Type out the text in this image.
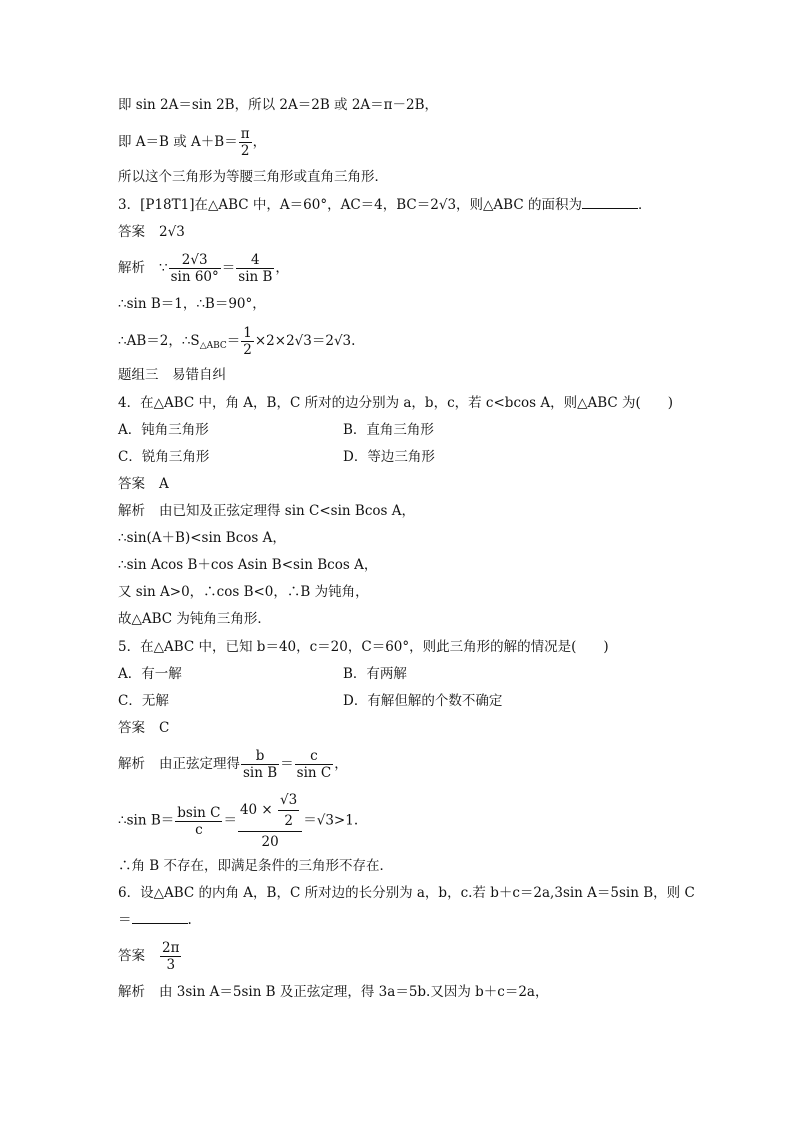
即 sin 2A＝sin 2B，所以 2A＝2B 或 2A＝π－2B，
即 A＝B 或 $A+B= \frac{\pi}{2}$ ，
所以这个三角形为等腰三角形或直角三角形．
3．[P18T1]在△ABC 中，A＝60°，AC＝4，BC＝2√3，则△ABC 的面积为	．
答案 2√3
解析 ∵ $\frac{2√3}{\sin 60^\circ} = \frac{4}{\text{sin B}}$ ，
∴sin B＝1，∴B＝90°，
∴AB＝2，$\therefore S_{\triangle ABC}= \frac{1}{2} \times 2\times 2√3=2√3$.
题组三　易错自纠
4．在△ABC 中，角 A，B，C 所对的边分别为 a，b，c，若 c<bcos A，则△ABC 为(　　)
A．钝角三角形	B．直角三角形
C．锐角三角形	D．等边三角形
答案 A
解析 由已知及正弦定理得 sin C<sin Bcos A，
∴sin(A＋B)<sin Bcos A，
∴sin Acos B＋cos Asin B<sin Bcos A，
又 sin A>0，∴cos B<0，∴B 为钝角，
故△ABC 为钝角三角形．
5．在△ABC 中，已知 b＝40，c＝20，C＝60°，则此三角形的解的情况是(　　)
A．有一解	B．有两解
C．无解	D．有解但解的个数不确定
答案 C
解析 由正弦定理得 $\frac{b}{\text{sin B}} = \frac{c}{\text{sin C}}$ ，
∴sin $B= \frac{\text{bsin C}}{c} = \frac{40 \times \frac{√3}{2}}{20} =√3>1$.
∴角 B 不存在，即满足条件的三角形不存在．
6．设△ABC 的内角 A，B，C 所对边的长分别为 a，b，c.若 b＋c＝2a,3sin A＝5sin B，则 C
＝	.
答案 $\frac{2\pi}{3}$
解析 由 3sin A＝5sin B 及正弦定理，得 3a＝5b.又因为 b＋c＝2a，
